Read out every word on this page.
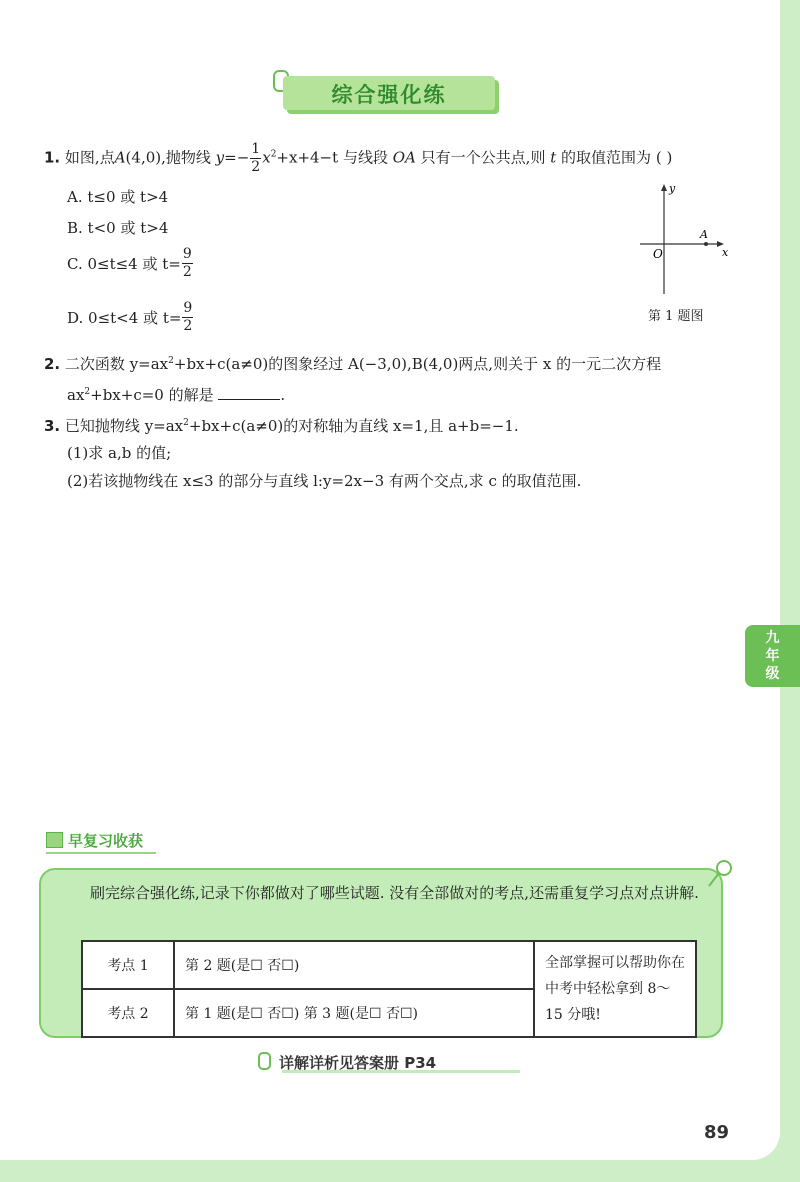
综合强化练
1. 如图,点A(4,0),抛物线 $y=- \frac{1}{2} x^2+x+4-t$ 与线段 OA 只有一个公共点,则 t 的取值范围为 ( )
A. t≤0 或 t>4
B. t<0 或 t>4
C. 0≤t≤4 或 $t= \frac{9}{2}$
D. 0≤t<4 或 $t= \frac{9}{2}$
y
x
O
A
第 1 题图
2. 二次函数 $y=ax^2+bx+c(a\ne 0)$的图象经过 A(−3,0),B(4,0)两点,则关于 x 的一元二次方程
$ax^2+bx+c=0$ 的解是	.
3. 已知抛物线 $y=ax^2+bx+c(a\ne 0)$的对称轴为直线 x=1,且 a+b=−1.
(1)求 a,b 的值;
(2)若该抛物线在 x≤3 的部分与直线 l:y=2x−3 有两个交点,求 c 的取值范围.
九
年
级
早复习收获
刷完综合强化练,记录下你都做对了哪些试题. 没有全部做对的考点,还需重复学习点对点讲解.
考点 1	第 2 题(是☐ 否☐)	全部掌握可以帮助你在中考中轻松拿到 8～15 分哦!
考点 2	第 1 题(是☐ 否☐) 第 3 题(是☐ 否☐)	
详解详析见答案册 P34
89
